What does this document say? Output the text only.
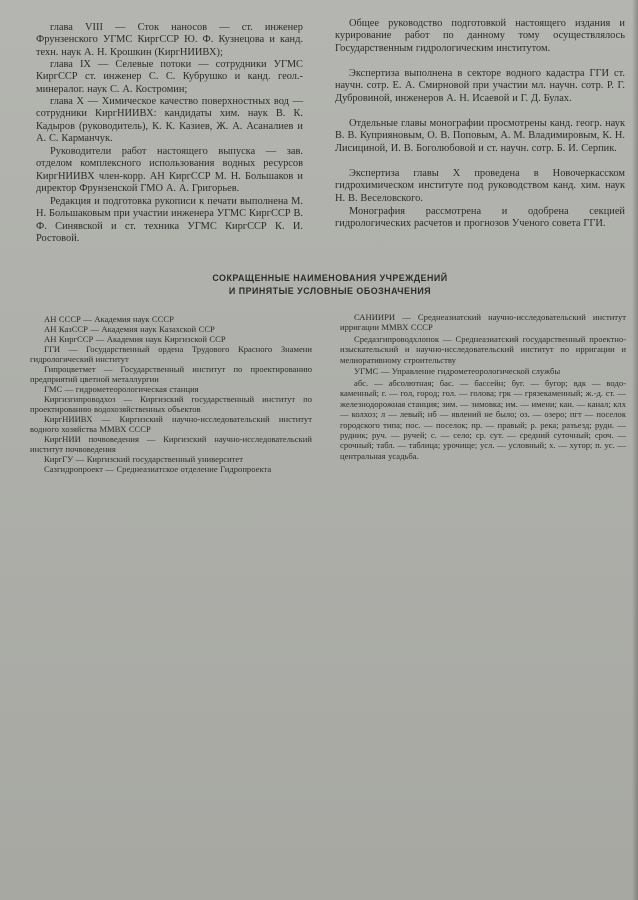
глава VIII — Сток наносов — ст. инженер Фрунзенского УГМС КиргССР Ю. Ф. Кузнецова и канд. техн. наук А. Н. Крошкин (КиргНИИВХ);

глава IX — Селевые потоки — сотрудники УГМС КиргССР ст. инженер С. С. Кубрушко и канд. геол.-минералог. наук С. А. Костромин;

глава X — Химическое качество поверхностных вод — сотрудники КиргНИИВХ: кандидаты хим. наук В. К. Кадыров (руководитель), К. К. Казиев, Ж. А. Асаналиев и А. С. Карманчук.

Руководители работ настоящего выпуска — зав. отделом комплексного использования водных ресурсов КиргНИИВХ член-корр. АН КиргССР М. Н. Большаков и директор Фрунзенской ГМО А. А. Григорьев.

Редакция и подготовка рукописи к печати выполнена М. Н. Большаковым при участии инженера УГМС КиргССР В. Ф. Синявской и ст. техника УГМС КиргССР К. И. Ростовой.

Общее руководство подготовкой настоящего издания и курирование работ по данному тому осуществлялось Государственным гидрологическим институтом.

Экспертиза выполнена в секторе водного кадастра ГГИ ст. научн. сотр. Е. А. Смирновой при участии мл. научн. сотр. Р. Г. Дубровиной, инженеров А. Н. Исаевой и Г. Д. Булах.

Отдельные главы монографии просмотрены канд. геогр. наук В. В. Куприяновым, О. В. Поповым, А. М. Владимировым, К. Н. Лисициной, И. В. Боголюбовой и ст. научн. сотр. Б. И. Серпик.

Экспертиза главы X проведена в Новочеркасском гидрохимическом институте под руководством канд. хим. наук Н. В. Веселовского.

Монография рассмотрена и одобрена секцией гидрологических расчетов и прогнозов Ученого совета ГГИ.

СОКРАЩЕННЫЕ НАИМЕНОВАНИЯ УЧРЕЖДЕНИЙ

И ПРИНЯТЫЕ УСЛОВНЫЕ ОБОЗНАЧЕНИЯ

АН СССР — Академия наук СССР

АН КазССР — Академия наук Казахской ССР

АН КиргССР — Академия наук Киргизской ССР

ГГИ — Государственный ордена Трудового Красного Знамени гидрологический институт

Гипроцветмет — Государственный институт по проектированию предприятий цветной металлургии

ГМС — гидрометеорологическая станция

Киргизгипроводхоз — Киргизский государственный институт по проектированию водохозяйственных объектов

КиргНИИВХ — Киргизский научно-исследовательский институт водного хозяйства ММВХ СССР

КиргНИИ почвоведения — Киргизский научно-исследовательский институт почвоведения

КиргГУ — Киргизский государственный университет

Сазгидропроект — Среднеазиатское отделение Гидропроекта

САНИИРИ — Среднеазиатский научно-исследовательский институт ирригации ММВХ СССР

Средазгипроводхлопок — Среднеазиатский государственный проектно-изыскательский и научно-исследовательский институт по ирригации и мелиоративному строительству

УГМС — Управление гидрометеорологической службы

абс. — абсолютная; бас. — бассейн; буг. — бугор; вдк — водо-каменный; г. — гол, город; гол. — голова; грк — грязекаменный; ж.-д. ст. — железнодорожная станция; зим. — зимовка; им. — имени; кан. — канал; клх — колхоз; л — левый; нб — явлений не было; оз. — озеро; пгт — поселок городского типа; пос. — поселок; пр. — правый; р. река; разъезд; рудн. — рудник; руч. — ручей; с. — село; ср. сут. — средний суточный; сроч. — срочный; табл. — таблица; урочище; усл. — условный; х. — хутор; п. ус. — центральная усадьба.
